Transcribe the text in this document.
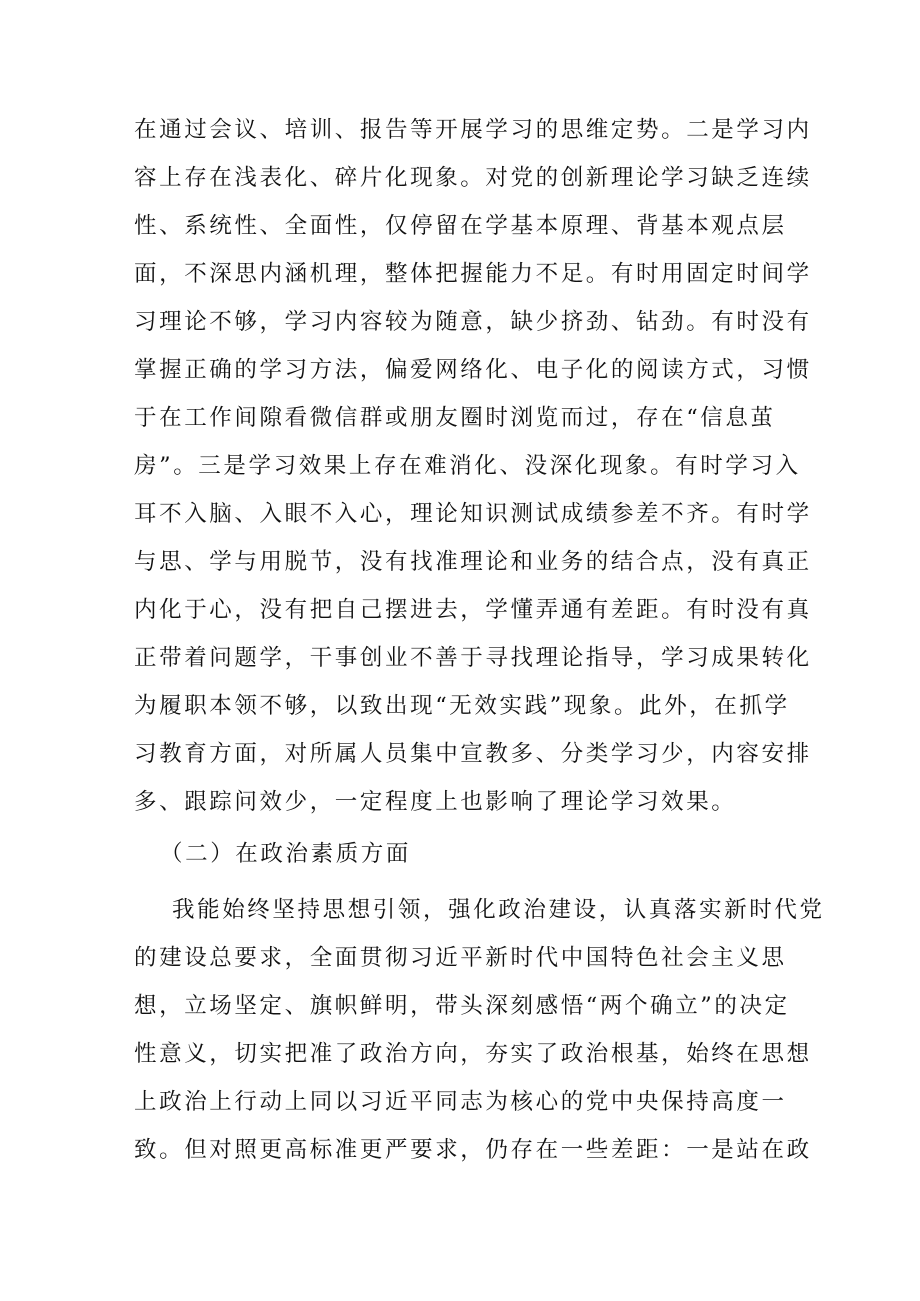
在通过会议、培训、报告等开展学习的思维定势。二是学习内
容上存在浅表化、碎片化现象。对党的创新理论学习缺乏连续
性、系统性、全面性，仅停留在学基本原理、背基本观点层
面，不深思内涵机理，整体把握能力不足。有时用固定时间学
习理论不够，学习内容较为随意，缺少挤劲、钻劲。有时没有
掌握正确的学习方法，偏爱网络化、电子化的阅读方式，习惯
于在工作间隙看微信群或朋友圈时浏览而过，存在“信息茧
房”。三是学习效果上存在难消化、没深化现象。有时学习入
耳不入脑、入眼不入心，理论知识测试成绩参差不齐。有时学
与思、学与用脱节，没有找准理论和业务的结合点，没有真正
内化于心，没有把自己摆进去，学懂弄通有差距。有时没有真
正带着问题学，干事创业不善于寻找理论指导，学习成果转化
为履职本领不够，以致出现“无效实践”现象。此外，在抓学
习教育方面，对所属人员集中宣教多、分类学习少，内容安排
多、跟踪问效少，一定程度上也影响了理论学习效果。
（二）在政治素质方面
我能始终坚持思想引领，强化政治建设，认真落实新时代党
的建设总要求，全面贯彻习近平新时代中国特色社会主义思
想，立场坚定、旗帜鲜明，带头深刻感悟“两个确立”的决定
性意义，切实把准了政治方向，夯实了政治根基，始终在思想
上政治上行动上同以习近平同志为核心的党中央保持高度一
致。但对照更高标准更严要求，仍存在一些差距：一是站在政
